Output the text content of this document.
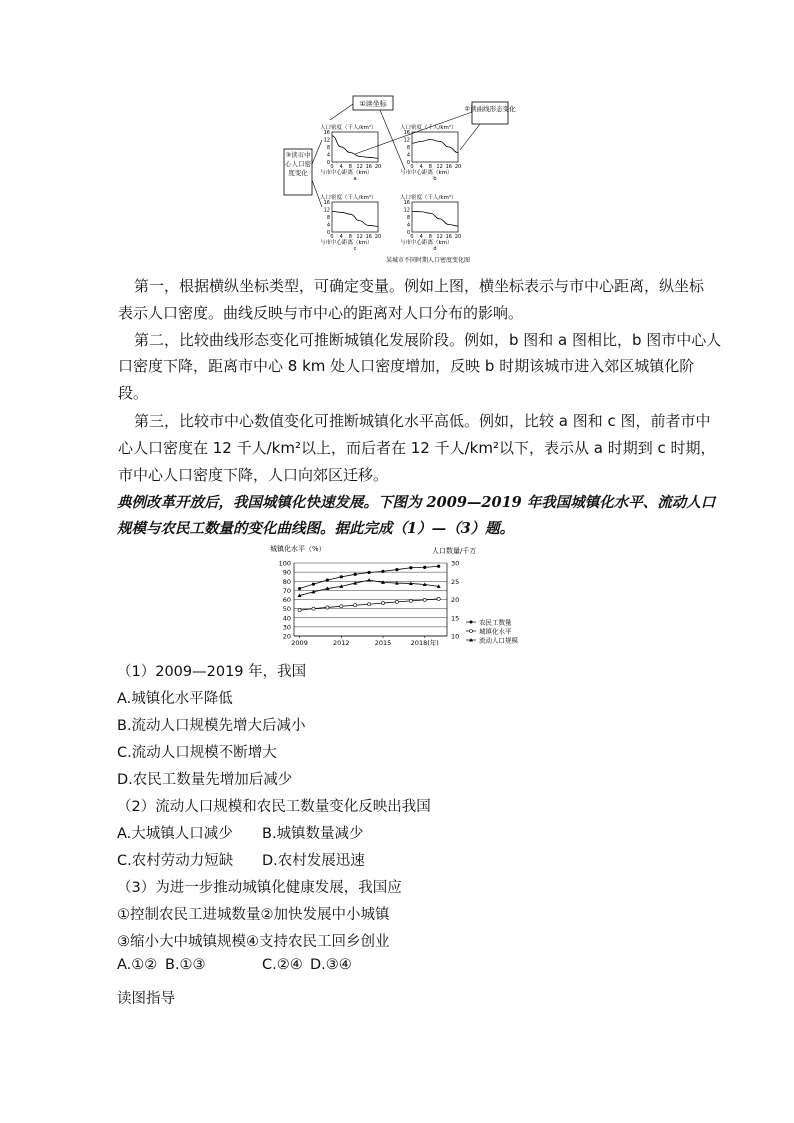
人口密度（千人/km²）
16
12
8
4
0
0 4 8 12 16 20
与市中心距离（km）
a
人口密度（千人/km²）
16
12
8
4
0
0 4 8 12 16 20
与市中心距离（km）
b
人口密度（千人/km²）
16
12
8
4
0
0 4 8 12 16 20
与市中心距离（km）
c
人口密度（千人/km²）
16
12
8
4
0
0 4 8 12 16 20
与市中心距离（km）
d
①读坐标
②读曲线形态变化
③读市中心人口密度变化
某城市不同时期人口密度变化图
第一，根据横纵坐标类型，可确定变量。例如上图，横坐标表示与市中心距离，纵坐标
表示人口密度。曲线反映与市中心的距离对人口分布的影响。
第二，比较曲线形态变化可推断城镇化发展阶段。例如，b 图和 a 图相比，b 图市中心人
口密度下降，距离市中心 8 km 处人口密度增加，反映 b 时期该城市进入郊区城镇化阶
段。
第三，比较市中心数值变化可推断城镇化水平高低。例如，比较 a 图和 c 图，前者市中
心人口密度在 12 千人/km²以上，而后者在 12 千人/km²以下，表示从 a 时期到 c 时期，
市中心人口密度下降，人口向郊区迁移。
典例改革开放后，我国城镇化快速发展。下图为 2009—2019 年我国城镇化水平、流动人口
规模与农民工数量的变化曲线图。据此完成（1）—（3）题。
城镇化水平（%）	人口数量/千万
100
90
80
70
60
50
40
30
20
30
25
20
15
10
2009	2012	2015	2018(年)
农民工数量
城镇化水平
流动人口规模
（1）2009—2019 年，我国
A.城镇化水平降低
B.流动人口规模先增大后减小
C.流动人口规模不断增大
D.农民工数量先增加后减少
（2）流动人口规模和农民工数量变化反映出我国
A.大城镇人口减少 B.城镇数量减少
C.农村劳动力短缺 D.农村发展迅速
（3）为进一步推动城镇化健康发展，我国应
①控制农民工进城数量②加快发展中小城镇
③缩小大中城镇规模④支持农民工回乡创业
A.①② B.①③	C.②④ D.③④
读图指导
